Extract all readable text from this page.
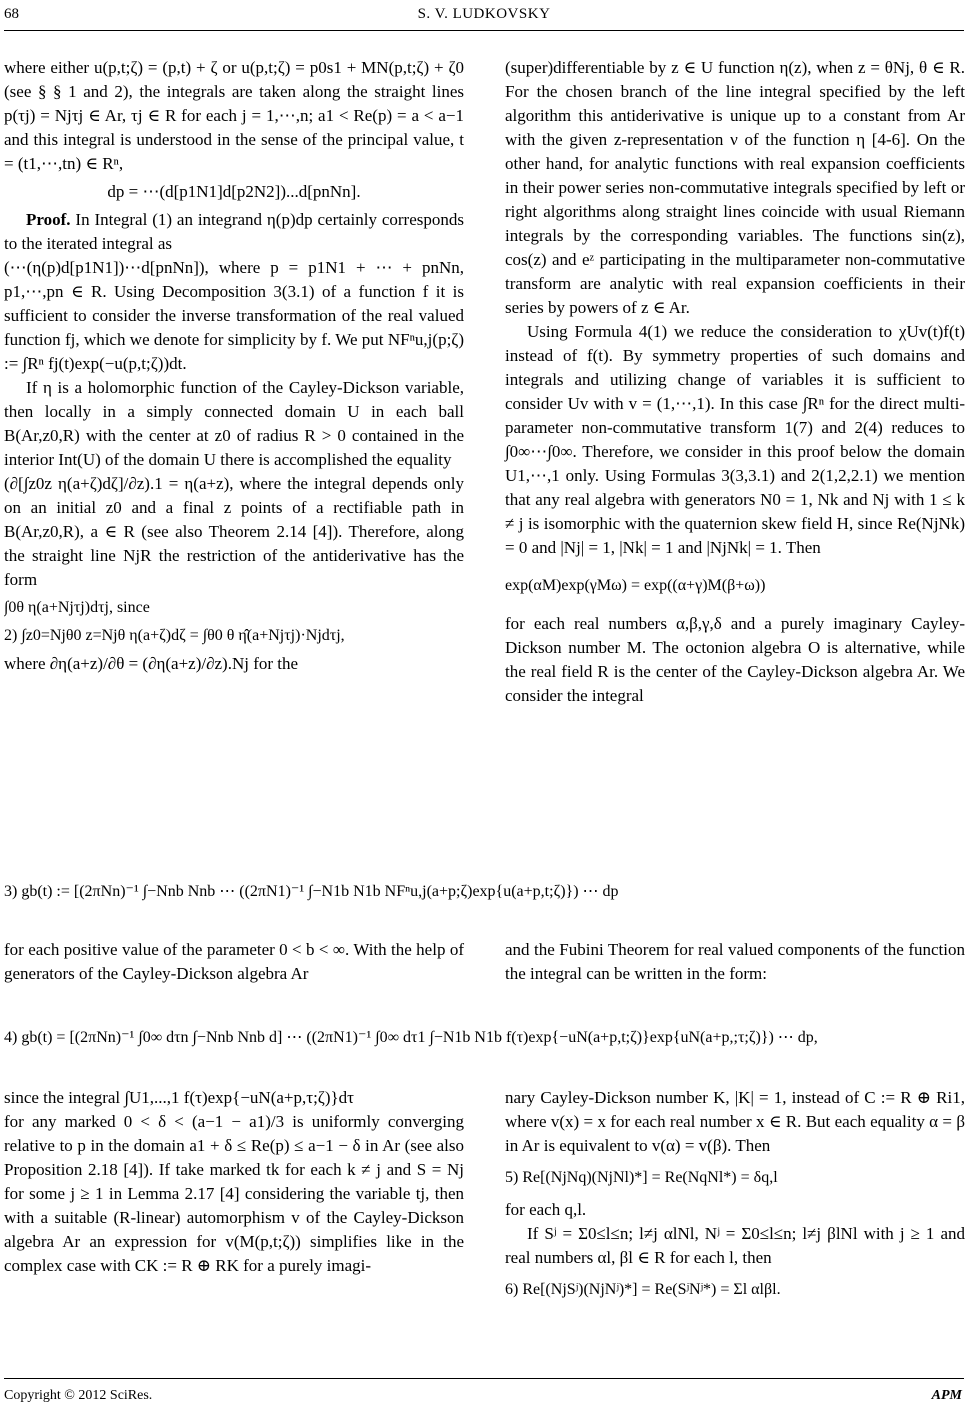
68	S. V. LUDKOVSKY

where either u(p,t;ζ) = (p,t) + ζ or u(p,t;ζ) = p0s1 + MN(p,t;ζ) + ζ0 (see § § 1 and 2), the integrals are taken along the straight lines p(τj) = Njτj ∈ Ar, τj ∈ R for each j = 1,⋯,n; a1 < Re(p) = a < a−1 and this integral is understood in the sense of the principal value, t = (t1,⋯,tn) ∈ Rⁿ,

dp = ⋯(d[p1N1]d[p2N2])...d[pnNn].

Proof. In Integral (1) an integrand η(p)dp certainly corresponds to the iterated integral as

(⋯(η(p)d[p1N1])⋯d[pnNn]), where p = p1N1 + ⋯ + pnNn, p1,⋯,pn ∈ R. Using Decomposition 3(3.1) of a function f it is sufficient to consider the inverse transformation of the real valued function fj, which we denote for simplicity by f. We put NFⁿu,j(p;ζ) := ∫Rⁿ fj(t)exp(−u(p,t;ζ))dt.

If η is a holomorphic function of the Cayley-Dickson variable, then locally in a simply connected domain U in each ball B(Ar,z0,R) with the center at z0 of radius R > 0 contained in the interior Int(U) of the domain U there is accomplished the equality

(∂[∫z0z η(a+ζ)dζ]/∂z).1 = η(a+z), where the integral depends only on an initial z0 and a final z points of a rectifiable path in B(Ar,z0,R), a ∈ R (see also Theorem 2.14 [4]). Therefore, along the straight line NjR the restriction of the antiderivative has the form

∫0θ η(a+Njτj)dτj, since

2) ∫z0=Njθ0 z=Njθ η(a+ζ)dζ = ∫θ0 θ η̂(a+Njτj)·Njdτj,

where ∂η(a+z)/∂θ = (∂η(a+z)/∂z).Nj for the

(super)differentiable by z ∈ U function η(z), when z = θNj, θ ∈ R. For the chosen branch of the line integral specified by the left algorithm this antiderivative is unique up to a constant from Ar with the given z-representation ν of the function η [4-6]. On the other hand, for analytic functions with real expansion coefficients in their power series non-commutative integrals specified by left or right algorithms along straight lines coincide with usual Riemann integrals by the corresponding variables. The functions sin(z), cos(z) and eᶻ participating in the multiparameter non-commutative transform are analytic with real expansion coefficients in their series by powers of z ∈ Ar.

Using Formula 4(1) we reduce the consideration to χUv(t)f(t) instead of f(t). By symmetry properties of such domains and integrals and utilizing change of variables it is sufficient to consider Uv with v = (1,⋯,1). In this case ∫Rⁿ for the direct multi-parameter non-commutative transform 1(7) and 2(4) reduces to ∫0∞⋯∫0∞. Therefore, we consider in this proof below the domain U1,⋯,1 only. Using Formulas 3(3,3.1) and 2(1,2,2.1) we mention that any real algebra with generators N0 = 1, Nk and Nj with 1 ≤ k ≠ j is isomorphic with the quaternion skew field H, since Re(NjNk) = 0 and |Nj| = 1, |Nk| = 1 and |NjNk| = 1. Then

exp(αM)exp(γMω) = exp((α+γ)M(β+ω))

for each real numbers α,β,γ,δ and a purely imaginary Cayley-Dickson number M. The octonion algebra O is alternative, while the real field R is the center of the Cayley-Dickson algebra Ar. We consider the integral

3) gb(t) := [(2πNn)⁻¹ ∫−Nnb Nnb ⋯ ((2πN1)⁻¹ ∫−N1b N1b NFⁿu,j(a+p;ζ)exp{u(a+p,t;ζ)}) ⋯ dp
for each positive value of the parameter 0 < b < ∞. With the help of generators of the Cayley-Dickson algebra Ar
and the Fubini Theorem for real valued components of the function the integral can be written in the form:
4) gb(t) = [(2πNn)⁻¹ ∫0∞ dτn ∫−Nnb Nnb d] ⋯ ((2πN1)⁻¹ ∫0∞ dτ1 ∫−N1b N1b f(τ)exp{−uN(a+p,t;ζ)}exp{uN(a+p,;τ;ζ)}) ⋯ dp,

since the integral ∫U1,...,1 f(τ)exp{−uN(a+p,τ;ζ)}dτ

for any marked 0 < δ < (a−1 − a1)/3 is uniformly converging relative to p in the domain a1 + δ ≤ Re(p) ≤ a−1 − δ in Ar (see also Proposition 2.18 [4]). If take marked tk for each k ≠ j and S = Nj for some j ≥ 1 in Lemma 2.17 [4] considering the variable tj, then with a suitable (R-linear) automorphism v of the Cayley-Dickson algebra Ar an expression for v(M(p,t;ζ)) simplifies like in the complex case with CK := R ⊕ RK for a purely imagi-

nary Cayley-Dickson number K, |K| = 1, instead of C := R ⊕ Ri1, where v(x) = x for each real number x ∈ R. But each equality α = β in Ar is equivalent to v(α) = v(β). Then

5) Re[(NjNq)(NjNl)*] = Re(NqNl*) = δq,l

for each q,l.

If Sʲ = Σ0≤l≤n; l≠j αlNl, Nʲ = Σ0≤l≤n; l≠j βlNl with j ≥ 1 and real numbers αl, βl ∈ R for each l, then

6) Re[(NjSʲ)(NjNʲ)*] = Re(SʲNʲ*) = Σl αlβl.

Copyright © 2012 SciRes.	APM
